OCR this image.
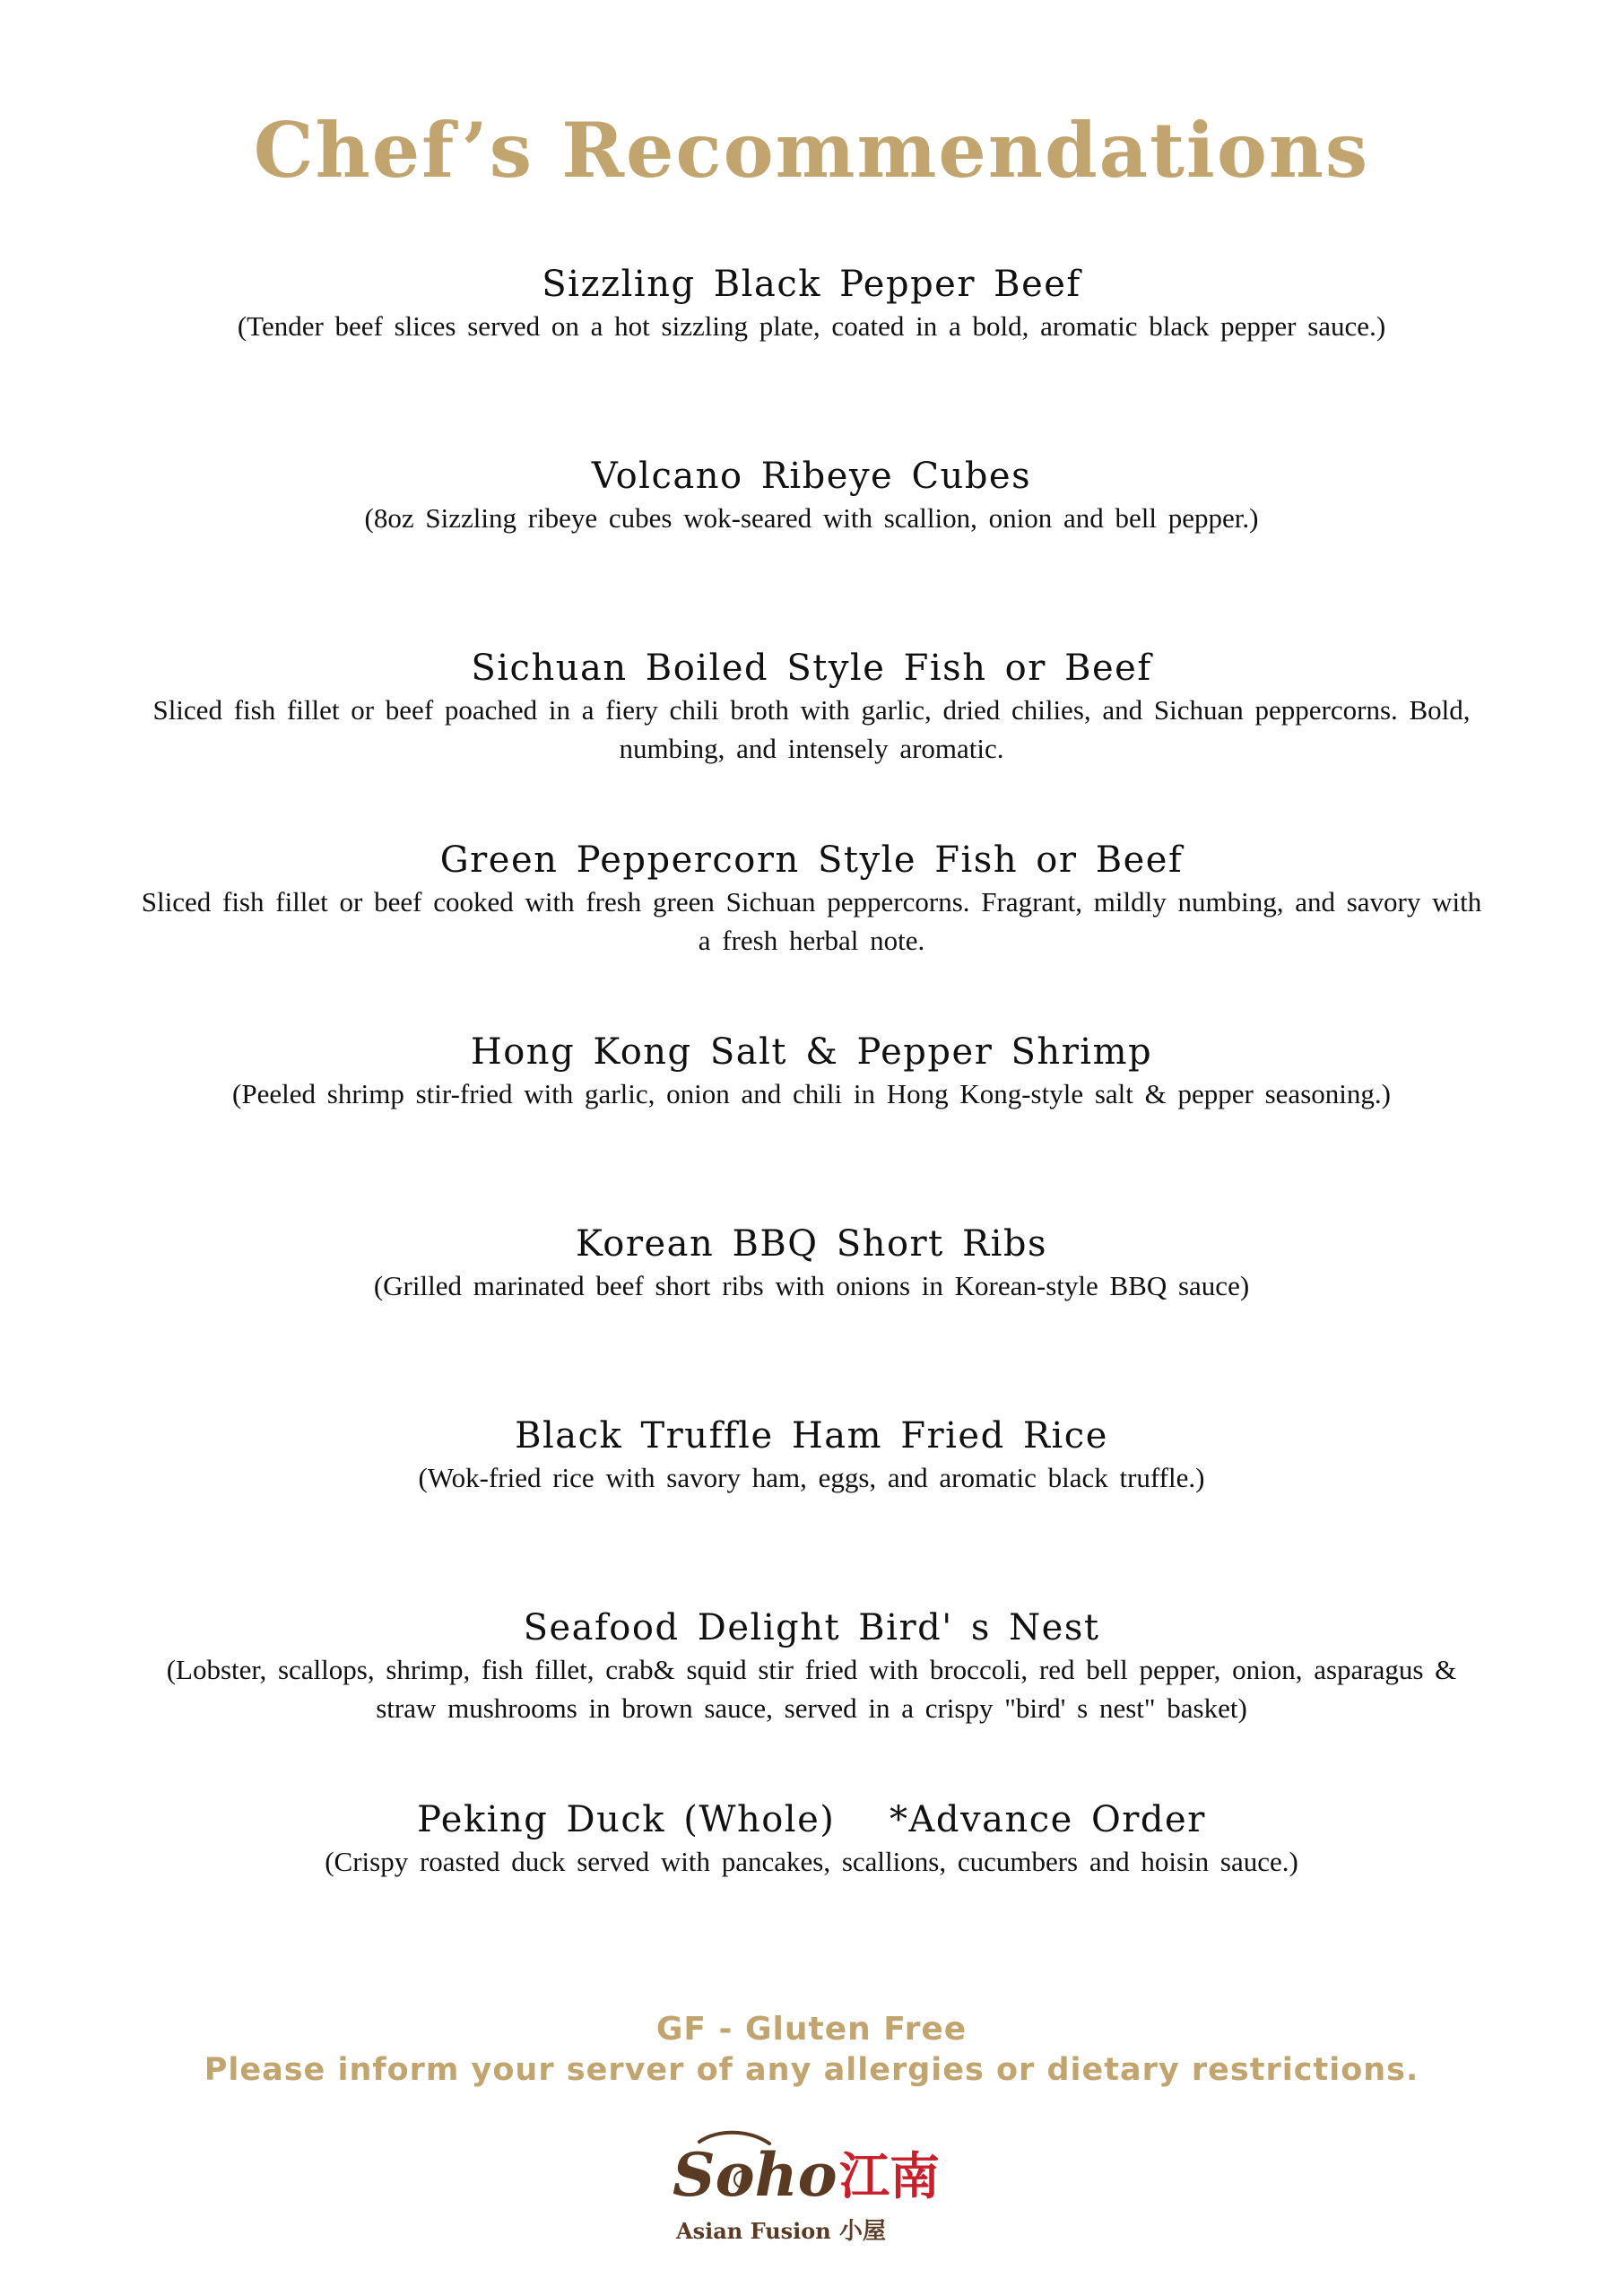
Chef’s Recommendations
Sizzling Black Pepper Beef
(Tender beef slices served on a hot sizzling plate, coated in a bold, aromatic black pepper sauce.)
Volcano Ribeye Cubes
(8oz Sizzling ribeye cubes wok-seared with scallion, onion and bell pepper.)
Sichuan Boiled Style Fish or Beef
Sliced fish fillet or beef poached in a fiery chili broth with garlic, dried chilies, and Sichuan peppercorns. Bold, numbing, and intensely aromatic.
Green Peppercorn Style Fish or Beef
Sliced fish fillet or beef cooked with fresh green Sichuan peppercorns. Fragrant, mildly numbing, and savory with a fresh herbal note.
Hong Kong Salt & Pepper Shrimp
(Peeled shrimp stir-fried with garlic, onion and chili in Hong Kong-style salt & pepper seasoning.)
Korean BBQ Short Ribs
(Grilled marinated beef short ribs with onions in Korean-style BBQ sauce)
Black Truffle Ham Fried Rice
(Wok-fried rice with savory ham, eggs, and aromatic black truffle.)
Seafood Delight Bird' s Nest
(Lobster, scallops, shrimp, fish fillet, crab& squid stir fried with broccoli, red bell pepper, onion, asparagus & straw mushrooms in brown sauce, served in a crispy "bird' s nest" basket)
Peking Duck (Whole)   *Advance Order
(Crispy roasted duck served with pancakes, scallions, cucumbers and hoisin sauce.)
GF - Gluten Free
Please inform your server of any allergies or dietary restrictions.
Soho 江南
Asian Fusion 小屋
